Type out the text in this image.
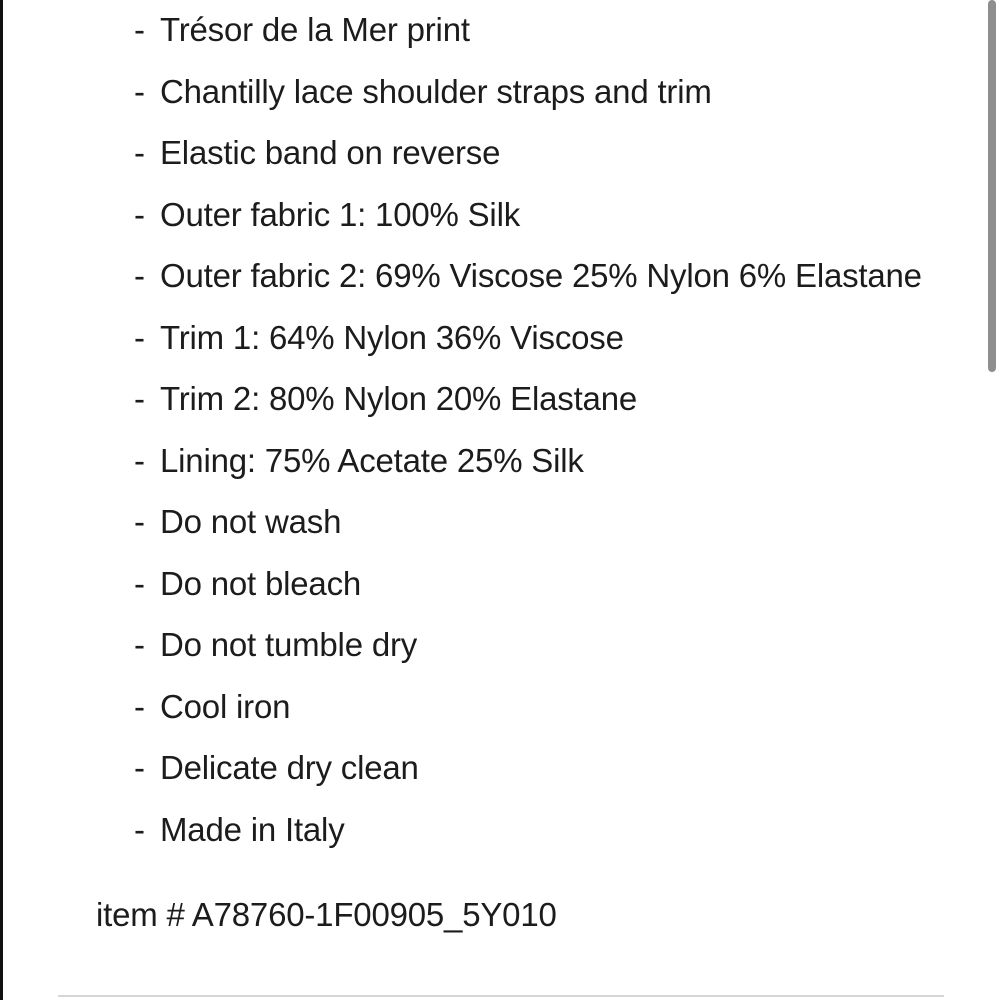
- Trésor de la Mer print
- Chantilly lace shoulder straps and trim
- Elastic band on reverse
- Outer fabric 1: 100% Silk
- Outer fabric 2: 69% Viscose 25% Nylon 6% Elastane
- Trim 1: 64% Nylon 36% Viscose
- Trim 2: 80% Nylon 20% Elastane
- Lining: 75% Acetate 25% Silk
- Do not wash
- Do not bleach
- Do not tumble dry
- Cool iron
- Delicate dry clean
- Made in Italy
item # A78760-1F00905_5Y010
